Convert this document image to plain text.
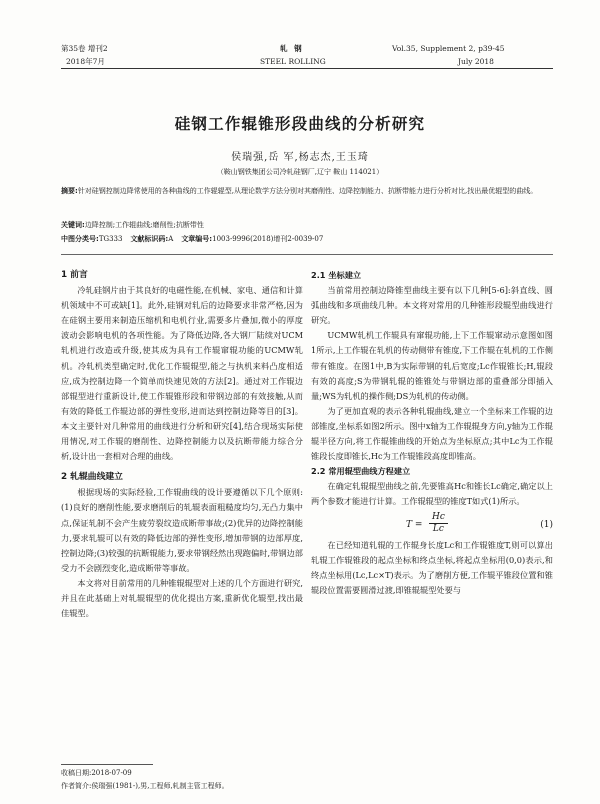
第35卷 增刊2
2018年7月
轧 钢
STEEL ROLLING
Vol.35, Supplement 2, p39-45
July 2018
硅钢工作辊锥形段曲线的分析研究
侯瑞强,岳 军,杨志杰,王玉琦
（鞍山钢铁集团公司冷轧硅钢厂,辽宁 鞍山 114021）
摘要:针对硅钢控制边降常使用的各种曲线的工作辊辊型,从理论数学方法分别对其磨削性、边降控制能力、抗断带能力进行分析对比,找出最优辊型的曲线。
关键词:边降控制;工作辊曲线;磨削性;抗断带性
中图分类号:TG333 文献标识码:A 文章编号:1003-9996(2018)增刊2-0039-07
1 前言

冷轧硅钢片由于其良好的电磁性能,在机械、家电、通信和计算机领域中不可或缺[1]。此外,硅钢对轧后的边降要求非常严格,因为在硅钢主要用来制造压缩机和电机行业,需要多片叠加,微小的厚度波动会影响电机的各项性能。为了降低边降,各大钢厂陆续对UCM轧机进行改造或升级,使其成为具有工作辊窜辊功能的UCMW轧机。冷轧机类型确定时,优化工作辊辊型,能之与执机来料凸度相适应,成为控制边降一个简单而快速见效的方法[2]。通过对工作辊边部辊型进行重新设计,使工作辊锥形段和带钢边部的有效接触,从而有效的降低工作辊边部的弹性变形,进而达到控制边降等目的[3]。本文主要针对几种常用的曲线进行分析和研究[4],结合现场实际使用情况,对工作辊的磨削性、边降控制能力以及抗断带能力综合分析,设计出一套相对合理的曲线。

2 轧辊曲线建立

根据现场的实际经验,工作辊曲线的设计要遵循以下几个原则:(1)良好的磨削性能,要求磨削后的轧辊表面粗糙度均匀,无凸力集中点,保证轧制不会产生疲劳裂纹造成断带事故;(2)优异的边降控制能力,要求轧辊可以有效的降低边部的弹性变形,增加带钢的边部厚度,控制边降;(3)较强的抗断辊能力,要求带钢经然出现跑偏时,带钢边部受力不会剧烈变化,造成断带等事故。

本文将对目前常用的几种锥辊辊型对上述的几个方面进行研究,并且在此基础上对轧辊辊型的优化提出方案,重新优化辊型,找出最佳辊型。

2.1 坐标建立

当前常用控制边降锥型曲线主要有以下几种[5-6]:斜直线、圆弧曲线和多项曲线几种。本文将对常用的几种锥形段辊型曲线进行研究。

UCMW轧机工作辊具有窜辊功能,上下工作辊窜动示意图如图1所示,上工作辊在轧机的传动侧带有锥度,下工作辊在轧机的工作侧带有锥度。在图1中,B为实际带钢的轧后宽度;Lc作辊锥长;H,辊段有效的高度;S为带钢轧辊的锥锥处与带钢边部的重叠部分即插入量;WS为轧机的操作侧;DS为轧机的传动侧。

为了更加直观的表示各种轧辊曲线,建立一个坐标来工作辊的边部锥度,坐标系如图2所示。图中x轴为工作辊辊身方向,y轴为工作辊辊半径方向,将工作辊锥曲线的开始点为坐标原点;其中Lc为工作辊锥段长度即锥长,Hc为工作辊锥段高度即锥高。

2.2 常用辊型曲线方程建立

在确定轧辊辊型曲线之前,先要锥高Hc和锥长Lc确定,确定以上两个参数才能进行计算。工作辊辊型的锥度T如式(1)所示。

$T = \frac{Hc}{Lc}$	(1)

在已经知道轧辊的工作辊身长度Lc和工作辊锥度T,则可以算出轧辊工作辊锥段的起点坐标和终点坐标,将起点坐标用(0,0)表示,和终点坐标用(Lc,Lc×T)表示。为了磨削方便,工作辊平锥段位置和锥辊段位置需要圆滑过渡,即锥辊辊型处要与

收稿日期:2018-07-09
作者简介:侯瑞强(1981-),男,工程师,轧制主管工程师。
